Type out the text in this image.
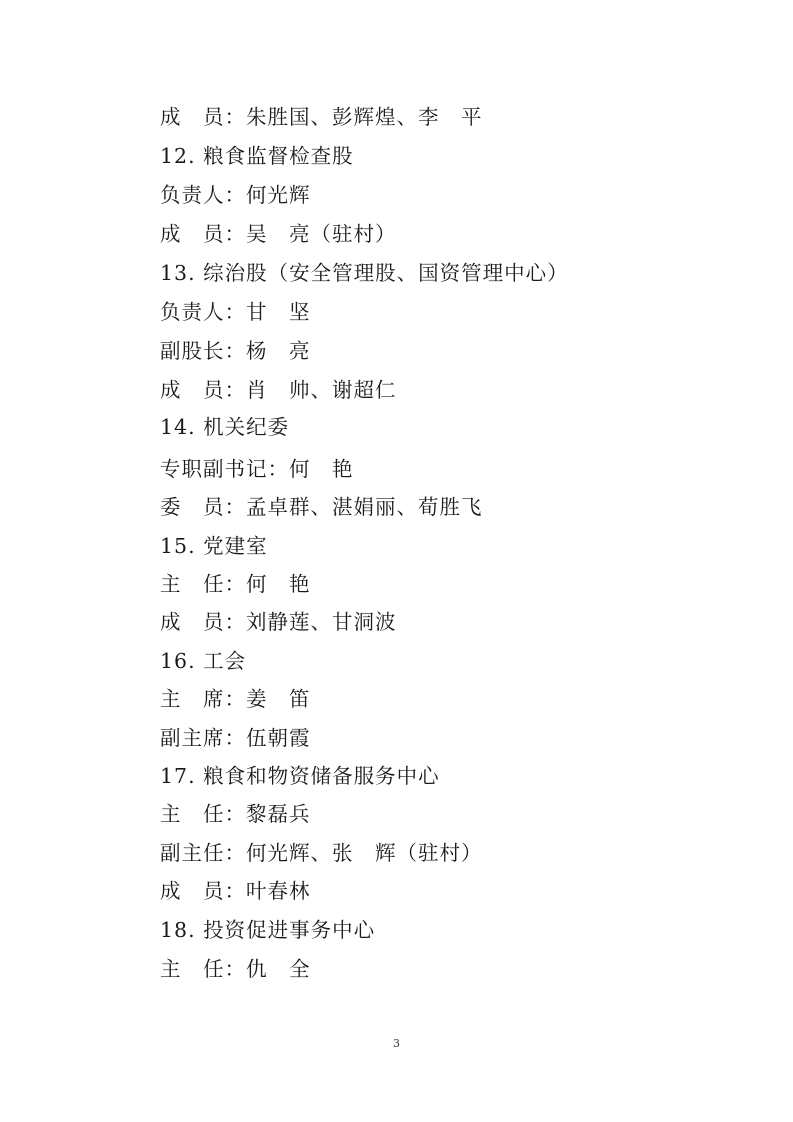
成　员：朱胜国、彭辉煌、李　平
12. 粮食监督检查股
负责人：何光辉
成　员：吴　亮（驻村）
13. 综治股（安全管理股、国资管理中心）
负责人：甘　坚
副股长：杨　亮
成　员：肖　帅、谢超仁
14. 机关纪委
专职副书记：何　艳
委　员：孟卓群、湛娟丽、荀胜飞
15. 党建室
主　任：何　艳
成　员：刘静莲、甘洞波
16. 工会
主　席：姜　笛
副主席：伍朝霞
17. 粮食和物资储备服务中心
主　任：黎磊兵
副主任：何光辉、张　辉（驻村）
成　员：叶春林
18. 投资促进事务中心
主　任：仇　全
3
